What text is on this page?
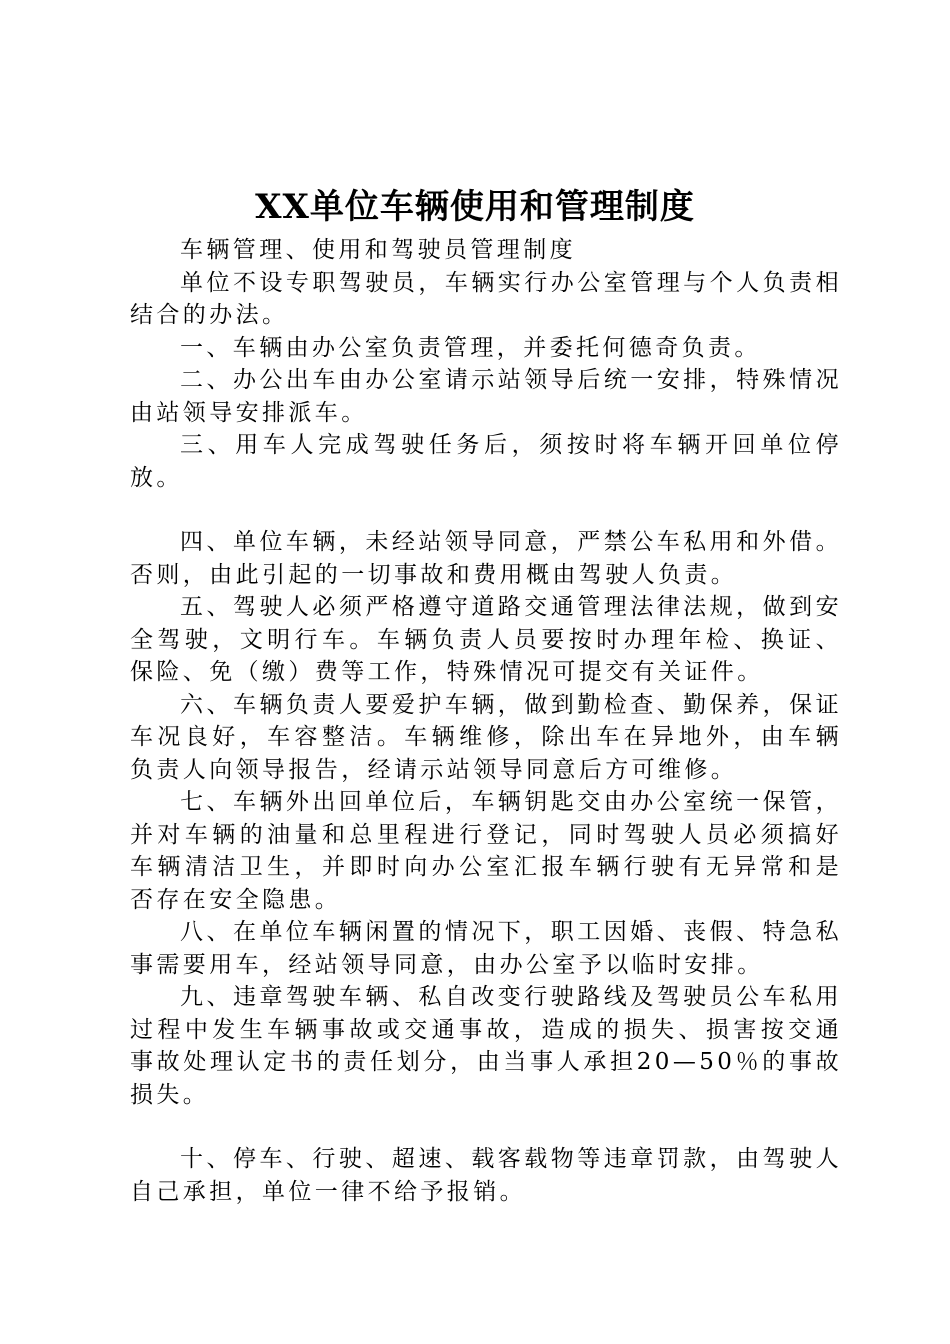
XX单位车辆使用和管理制度

车辆管理、使用和驾驶员管理制度

单位不设专职驾驶员，车辆实行办公室管理与个人负责相结合的办法。

一、车辆由办公室负责管理，并委托何德奇负责。

二、办公出车由办公室请示站领导后统一安排，特殊情况由站领导安排派车。

三、用车人完成驾驶任务后，须按时将车辆开回单位停放。

四、单位车辆，未经站领导同意，严禁公车私用和外借。否则，由此引起的一切事故和费用概由驾驶人负责。

五、驾驶人必须严格遵守道路交通管理法律法规，做到安全驾驶，文明行车。车辆负责人员要按时办理年检、换证、保险、免（缴）费等工作，特殊情况可提交有关证件。

六、车辆负责人要爱护车辆，做到勤检查、勤保养，保证车况良好，车容整洁。车辆维修，除出车在异地外，由车辆负责人向领导报告，经请示站领导同意后方可维修。

七、车辆外出回单位后，车辆钥匙交由办公室统一保管，并对车辆的油量和总里程进行登记，同时驾驶人员必须搞好车辆清洁卫生，并即时向办公室汇报车辆行驶有无异常和是否存在安全隐患。

八、在单位车辆闲置的情况下，职工因婚、丧假、特急私事需要用车，经站领导同意，由办公室予以临时安排。

九、违章驾驶车辆、私自改变行驶路线及驾驶员公车私用过程中发生车辆事故或交通事故，造成的损失、损害按交通事故处理认定书的责任划分，由当事人承担20—50％的事故损失。

十、停车、行驶、超速、载客载物等违章罚款，由驾驶人自己承担，单位一律不给予报销。
